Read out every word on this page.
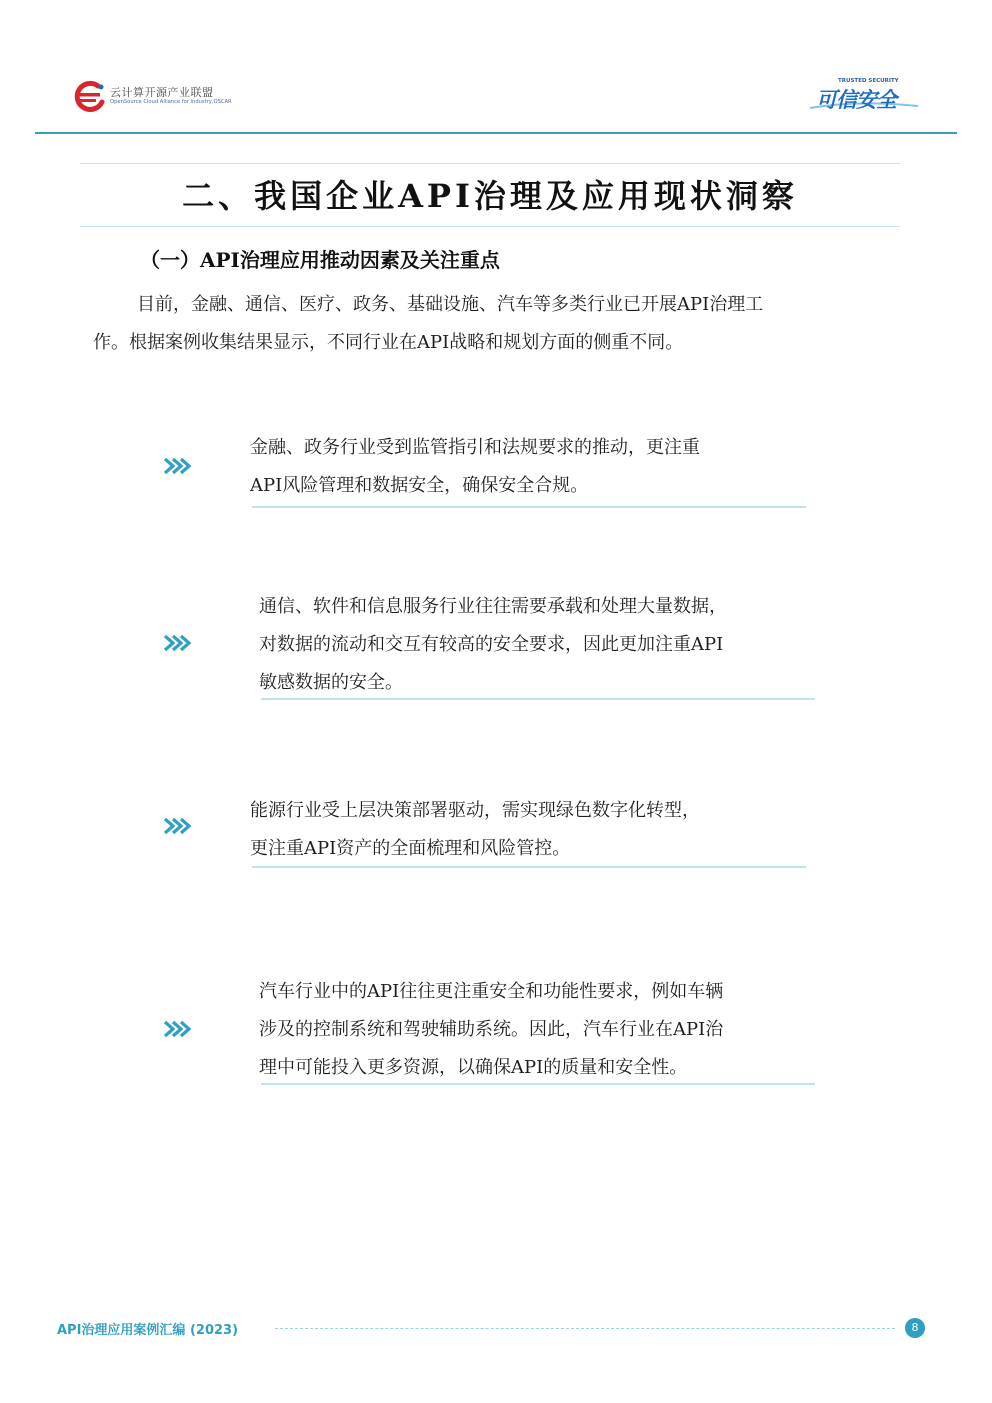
云计算开源产业联盟
OpenSource Cloud Alliance for industry,OSCAR
TRUSTED SECURITY
可信安全
二、我国企业API治理及应用现状洞察
（一）API治理应用推动因素及关注重点
目前，金融、通信、医疗、政务、基础设施、汽车等多类行业已开展API治理工
作。根据案例收集结果显示，不同行业在API战略和规划方面的侧重不同。
金融、政务行业受到监管指引和法规要求的推动，更注重
API风险管理和数据安全，确保安全合规。
通信、软件和信息服务行业往往需要承载和处理大量数据，
对数据的流动和交互有较高的安全要求，因此更加注重API
敏感数据的安全。
能源行业受上层决策部署驱动，需实现绿色数字化转型，
更注重API资产的全面梳理和风险管控。
汽车行业中的API往往更注重安全和功能性要求，例如车辆
涉及的控制系统和驾驶辅助系统。因此，汽车行业在API治
理中可能投入更多资源，以确保API的质量和安全性。
API治理应用案例汇编 (2023)	8
